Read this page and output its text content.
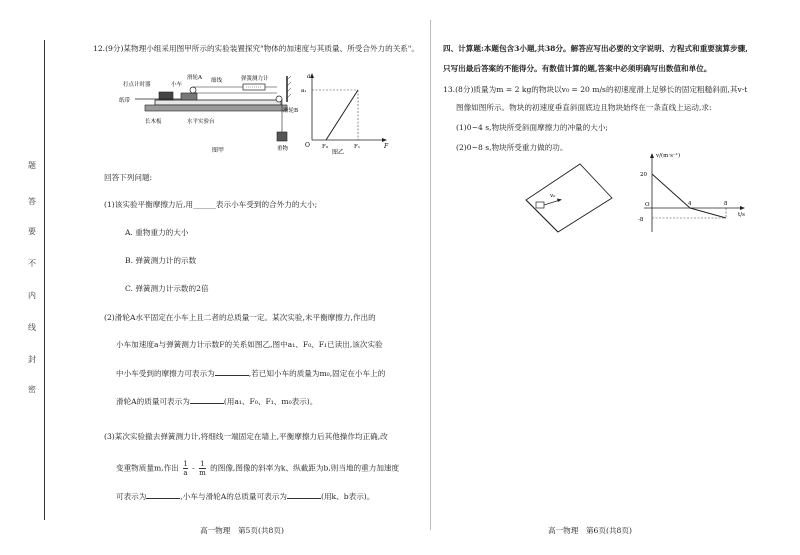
题
答
要
不
内
线
封
密
12.(9分)某物理小组采用图甲所示的实验装置探究"物体的加速度与其质量、所受合外力的关系"。
滑轮A
小车
细线	弹簧测力计
打点计时器
纸带
长木板	水平实验台
滑轮B
重物
图甲
a
F
O
a₁
F₀	F₁
图乙
回答下列问题:
(1)该实验平衡摩擦力后,用______表示小车受到的合外力的大小;
A. 重物重力的大小
B. 弹簧测力计的示数
C. 弹簧测力计示数的2倍
(2)滑轮A水平固定在小车上且二者的总质量一定。某次实验,未平衡摩擦力,作出的
小车加速度a与弹簧测力计示数F的关系如图乙,图中a₁、F₀、F₁已读出,该次实验
中小车受到的摩擦力可表示为	,若已知小车的质量为m₀,固定在小车上的
滑轮A的质量可表示为	(用a₁、F₀、F₁、m₀表示)。
(3)某次实验撤去弹簧测力计,将细线一端固定在墙上,平衡摩擦力后其他操作均正确,改
变重物质量m,作出 $\frac{1}{a} - \frac{1}{m}$ 的图像,图像的斜率为k、纵截距为b,则当地的重力加速度
可表示为	,小车与滑轮A的总质量可表示为	(用k、b表示)。
高一物理　第5页(共8页)
四、计算题:本题包含3小题,共38分。解答应写出必要的文字说明、方程式和重要演算步骤,
只写出最后答案的不能得分。有数值计算的题,答案中必须明确写出数值和单位。
13.(8分)质量为m = 2 kg的物块以v₀ = 20 m/s的初速度滑上足够长的固定粗糙斜面,其v-t
图像如图所示。物块的初速度垂直斜面底边且物块始终在一条直线上运动,求:
(1)0~4 s,物块所受斜面摩擦力的冲量的大小;
(2)0~8 s,物块所受重力做的功。
v₀
v/(m·s⁻¹)
t/s
20
-8
O	4	8
高一物理　第6页(共8页)
